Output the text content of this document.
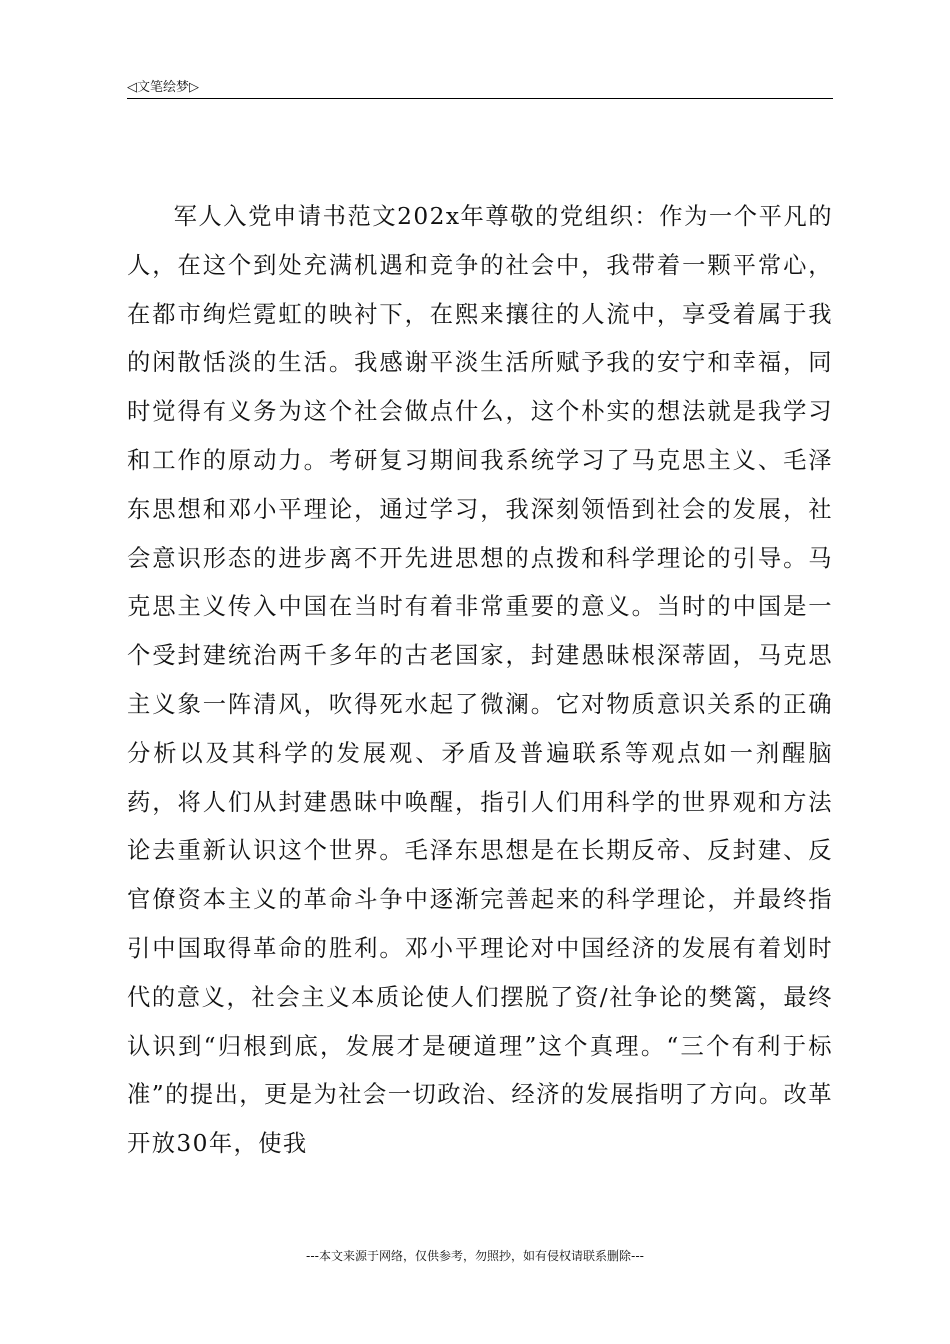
◁文笔绘梦▷

军人入党申请书范文202x年尊敬的党组织：作为一个平凡的人，在这个到处充满机遇和竞争的社会中，我带着一颗平常心，在都市绚烂霓虹的映衬下，在熙来攘往的人流中，享受着属于我的闲散恬淡的生活。我感谢平淡生活所赋予我的安宁和幸福，同时觉得有义务为这个社会做点什么，这个朴实的想法就是我学习和工作的原动力。考研复习期间我系统学习了马克思主义、毛泽东思想和邓小平理论，通过学习，我深刻领悟到社会的发展，社会意识形态的进步离不开先进思想的点拨和科学理论的引导。马克思主义传入中国在当时有着非常重要的意义。当时的中国是一个受封建统治两千多年的古老国家，封建愚昧根深蒂固，马克思主义象一阵清风，吹得死水起了微澜。它对物质意识关系的正确分析以及其科学的发展观、矛盾及普遍联系等观点如一剂醒脑药，将人们从封建愚昧中唤醒，指引人们用科学的世界观和方法论去重新认识这个世界。毛泽东思想是在长期反帝、反封建、反官僚资本主义的革命斗争中逐渐完善起来的科学理论，并最终指引中国取得革命的胜利。邓小平理论对中国经济的发展有着划时代的意义，社会主义本质论使人们摆脱了资/社争论的樊篱，最终认识到“归根到底，发展才是硬道理”这个真理。“三个有利于标准”的提出，更是为社会一切政治、经济的发展指明了方向。改革开放30年，使我

---本文来源于网络，仅供参考，勿照抄，如有侵权请联系删除---
